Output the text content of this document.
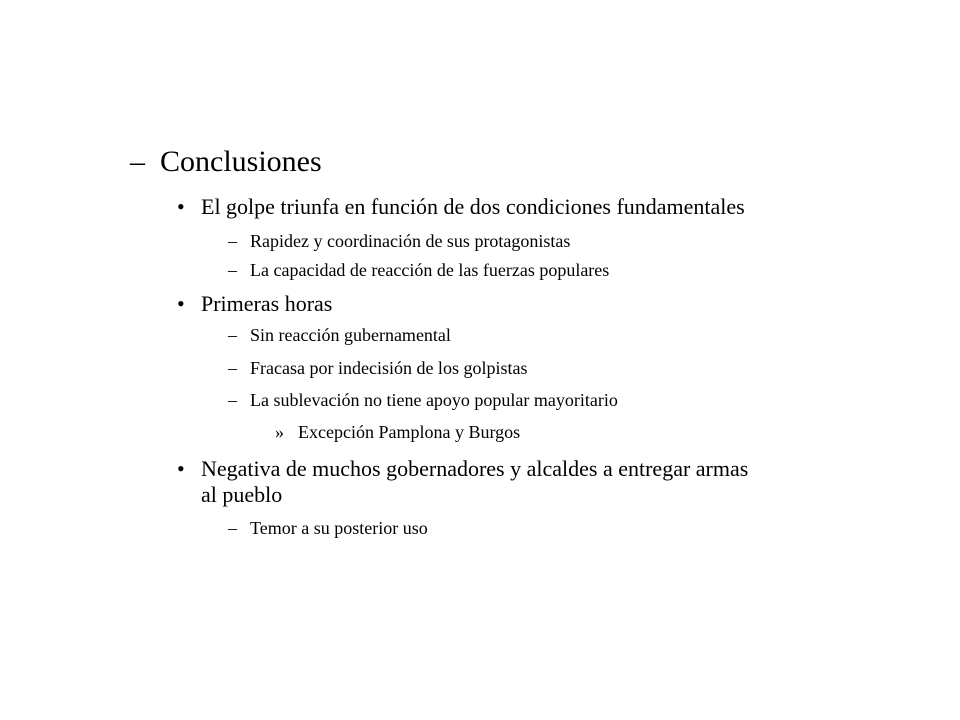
– Conclusiones
• El golpe triunfa en función de dos condiciones fundamentales
– Rapidez y coordinación de sus protagonistas
– La capacidad de reacción de las fuerzas populares
• Primeras horas
– Sin reacción gubernamental
– Fracasa por indecisión de los golpistas
– La sublevación no tiene apoyo popular mayoritario
» Excepción Pamplona y Burgos
• Negativa de muchos gobernadores y alcaldes a entregar armas
al pueblo
– Temor a su posterior uso
